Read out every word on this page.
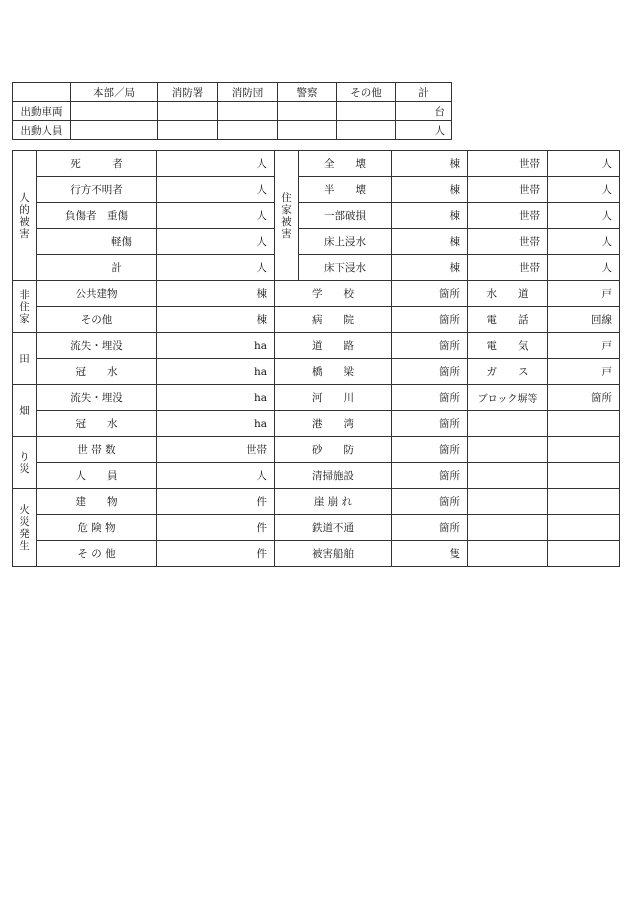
	本部／局	消防署	消防団	警察	その他	計
出動車両						台
出動人員						人
人的被害	死　　　者	人	住家被害	全　　壊	棟	世帯	人
	行方不明者	人		半　　壊	棟	世帯	人
	負傷者　重傷	人		一部破損	棟	世帯	人
	軽傷	人		床上浸水	棟	世帯	人
	計	人		床下浸水	棟	世帯	人
非住家	公共建物	棟	学　　校		箇所	水　　道	戸
	その他	棟	病　　院		箇所	電　　話	回線
田	流失・埋没	ha	道　　路		箇所	電　　気	戸
	冠　　水	ha	橋　　梁		箇所	ガ　　ス	戸
畑	流失・埋没	ha	河　　川		箇所	ブロック塀等	箇所
	冠　　水	ha	港　　湾		箇所		
り災	世 帯 数	世帯	砂　　防		箇所		
	人　　員	人	清掃施設		箇所		
火災発生	建　　物	件	崖 崩 れ		箇所		
	危 険 物	件	鉄道不通		箇所		
	そ の 他	件	被害船舶		隻		
